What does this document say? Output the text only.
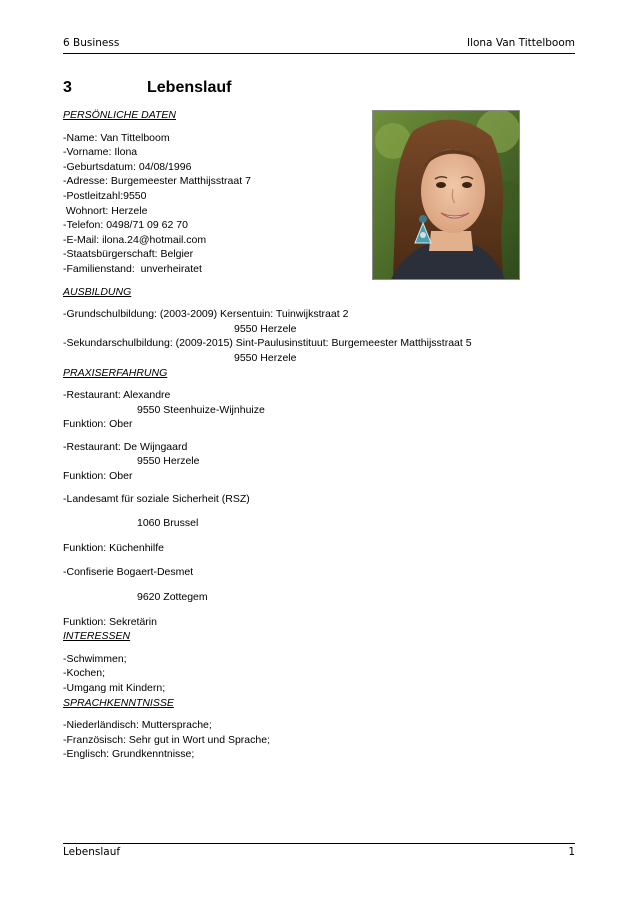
6 Business	Ilona Van Tittelboom
3	Lebenslauf

PERSÖNLICHE DATEN

-Name: Van Tittelboom

-Vorname: Ilona

-Geburtsdatum: 04/08/1996

-Adresse: Burgemeester Matthijsstraat 7

-Postleitzahl:9550

Wohnort: Herzele

-Telefon: 0498/71 09 62 70

-E-Mail: ilona.24@hotmail.com

-Staatsbürgerschaft: Belgier

-Familienstand:  unverheiratet

AUSBILDUNG

-Grundschulbildung: (2003-2009) Kersentuin: Tuinwijkstraat 2

9550 Herzele

-Sekundarschulbildung: (2009-2015) Sint-Paulusinstituut: Burgemeester Matthijsstraat 5

9550 Herzele

PRAXISERFAHRUNG

-Restaurant: Alexandre

9550 Steenhuize-Wijnhuize

Funktion: Ober

-Restaurant: De Wijngaard

9550 Herzele

Funktion: Ober

-Landesamt für soziale Sicherheit (RSZ)

1060 Brussel

Funktion: Küchenhilfe

-Confiserie Bogaert-Desmet

9620 Zottegem

Funktion: Sekretärin

INTERESSEN

-Schwimmen;

-Kochen;

-Umgang mit Kindern;

SPRACHKENNTNISSE

-Niederländisch: Muttersprache;

-Französisch: Sehr gut in Wort und Sprache;

-Englisch: Grundkenntnisse;

Lebenslauf	1
